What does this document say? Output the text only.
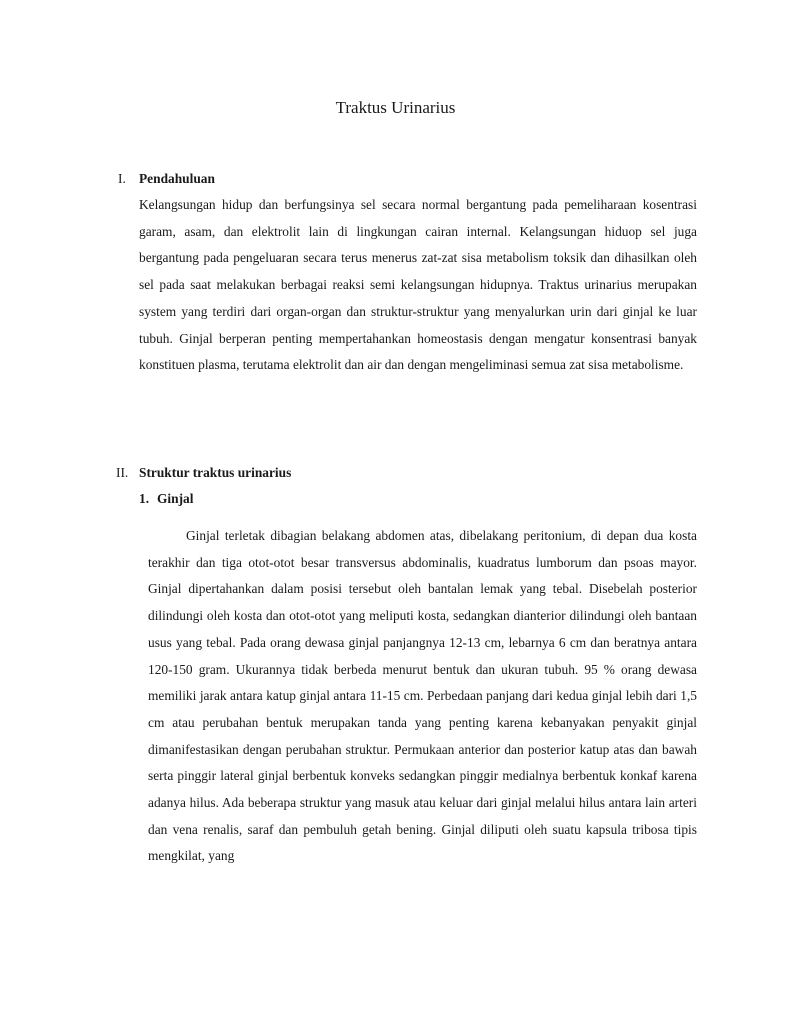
Traktus Urinarius
I. Pendahuluan

Kelangsungan hidup dan berfungsinya sel secara normal bergantung pada pemeliharaan kosentrasi garam, asam, dan elektrolit lain di lingkungan cairan internal. Kelangsungan hiduop sel juga bergantung pada pengeluaran secara terus menerus zat-zat sisa metabolism toksik dan dihasilkan oleh sel pada saat melakukan berbagai reaksi semi kelangsungan hidupnya. Traktus urinarius merupakan system yang terdiri dari organ-organ dan struktur-struktur yang menyalurkan urin dari ginjal ke luar tubuh. Ginjal berperan penting mempertahankan homeostasis dengan mengatur konsentrasi banyak konstituen plasma, terutama elektrolit dan air dan dengan mengeliminasi semua zat sisa metabolisme.

II. Struktur traktus urinarius
1. Ginjal

Ginjal terletak dibagian belakang abdomen atas, dibelakang peritonium, di depan dua kosta terakhir dan tiga otot-otot besar transversus abdominalis, kuadratus lumborum dan psoas mayor. Ginjal dipertahankan dalam posisi tersebut oleh bantalan lemak yang tebal. Disebelah posterior dilindungi oleh kosta dan otot-otot yang meliputi kosta, sedangkan dianterior dilindungi oleh bantaan usus yang tebal. Pada orang dewasa ginjal panjangnya 12-13 cm, lebarnya 6 cm dan beratnya antara 120-150 gram. Ukurannya tidak berbeda menurut bentuk dan ukuran tubuh. 95 % orang dewasa memiliki jarak antara katup ginjal antara 11-15 cm. Perbedaan panjang dari kedua ginjal lebih dari 1,5 cm atau perubahan bentuk merupakan tanda yang penting karena kebanyakan penyakit ginjal dimanifestasikan dengan perubahan struktur. Permukaan anterior dan posterior katup atas dan bawah serta pinggir lateral ginjal berbentuk konveks sedangkan pinggir medialnya berbentuk konkaf karena adanya hilus. Ada beberapa struktur yang masuk atau keluar dari ginjal melalui hilus antara lain arteri dan vena renalis, saraf dan pembuluh getah bening. Ginjal diliputi oleh suatu kapsula tribosa tipis mengkilat, yang
